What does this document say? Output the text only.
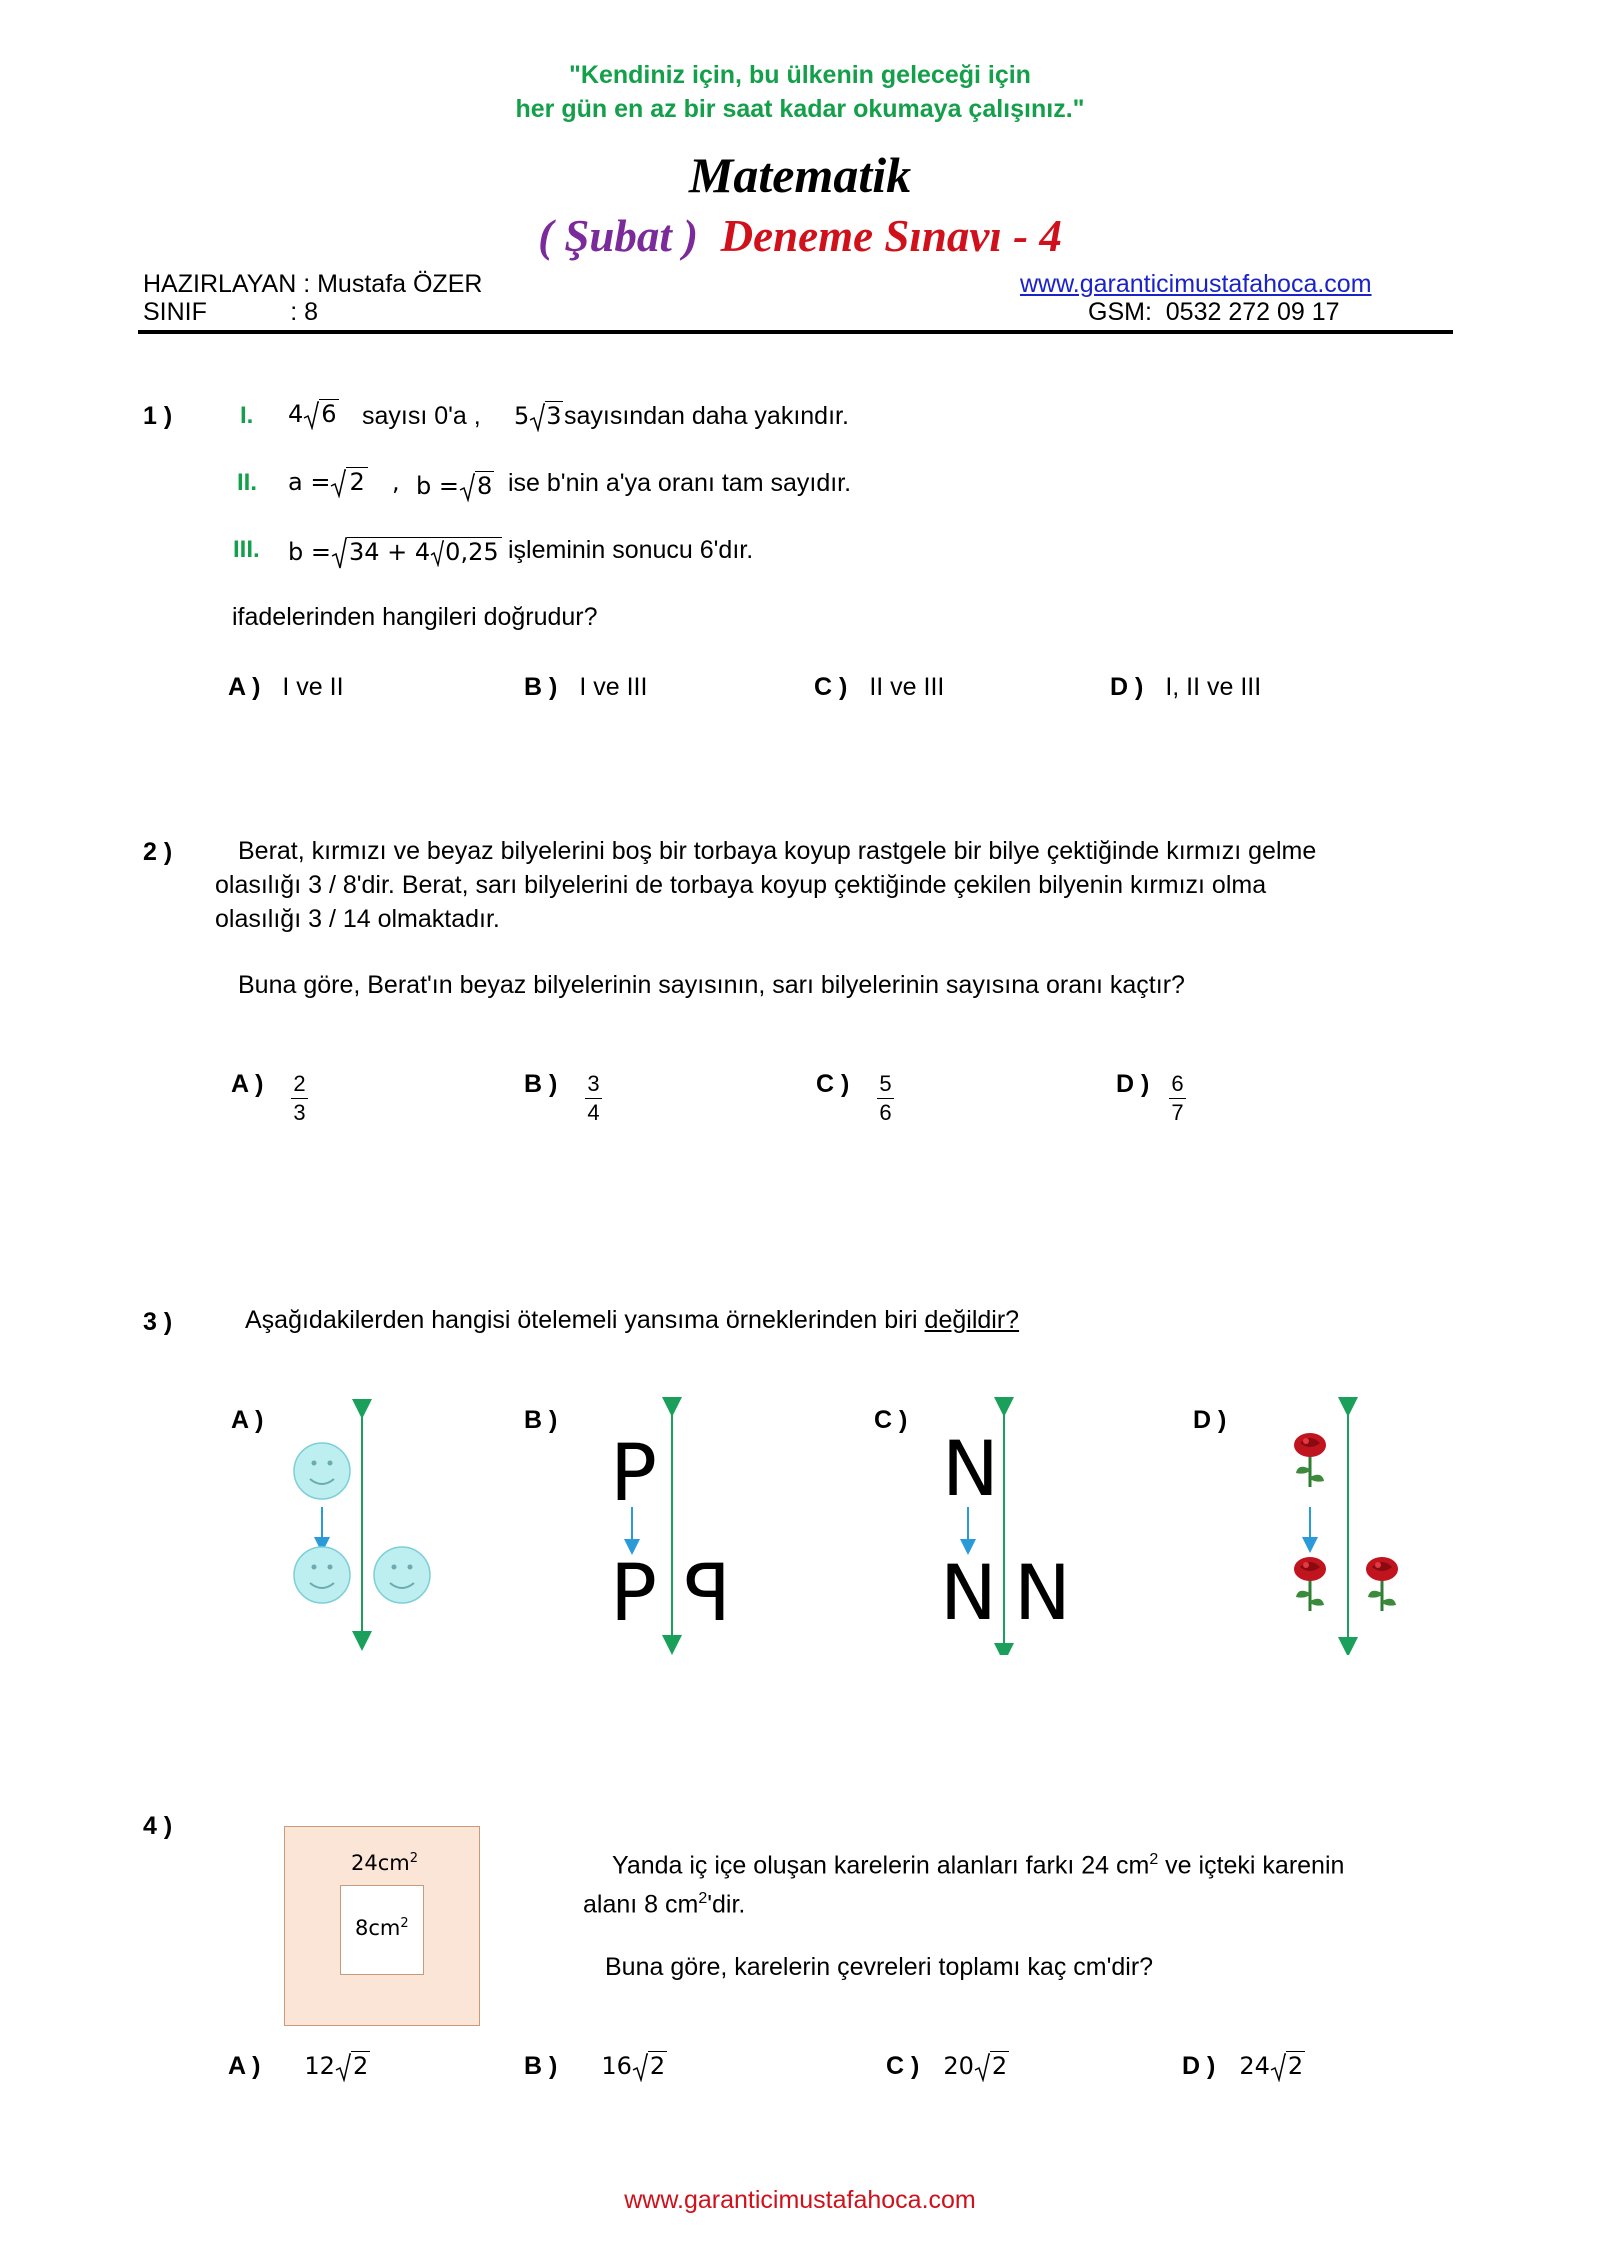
"Kendiniz için, bu ülkenin geleceği için
her gün en az bir saat kadar okumaya çalışınız."
Matematik
( Şubat ) Deneme Sınavı - 4
HAZIRLAYAN : Mustafa ÖZER
SINIF            : 8
www.garanticimustafahoca.com
GSM:  0532 272 09 17
1 )	I. 4 6 sayısı 0'a , 5 3 sayısından daha yakındır.
II. a = 2 , b = 8 ise b'nin a'ya oranı tam sayıdır.
III. b = 34 + 4 0,25 işleminin sonucu 6'dır.
ifadelerinden hangileri doğrudur?
A ) I ve II	B ) I ve III	C ) II ve III	D ) I, II ve III
2 )	Berat, kırmızı ve beyaz bilyelerini boş bir torbaya koyup rastgele bir bilye çektiğinde kırmızı gelme
olasılığı 3 / 8'dir. Berat, sarı bilyelerini de torbaya koyup çektiğinde çekilen bilyenin kırmızı olma
olasılığı 3 / 14 olmaktadır.
Buna göre, Berat'ın beyaz bilyelerinin sayısının, sarı bilyelerinin sayısına oranı kaçtır?
A ) $\frac{2}{3}$	B ) $\frac{3}{4}$	C ) $\frac{5}{6}$	D ) $\frac{6}{7}$
3 )	Aşağıdakilerden hangisi ötelemeli yansıma örneklerinden biri değildir?
A )	B )	C )	D )
P
P P
N
N N
4 )
$24cm^2$
$8cm^2$
Yanda iç içe oluşan karelerin alanları farkı 24 $cm^2$ ve içteki karenin
alanı 8 $cm^2'dir$.
Buna göre, karelerin çevreleri toplamı kaç cm'dir?
A ) 12 2	B ) 16 2	C ) 20 2	D ) 24 2
www.garanticimustafahoca.com
